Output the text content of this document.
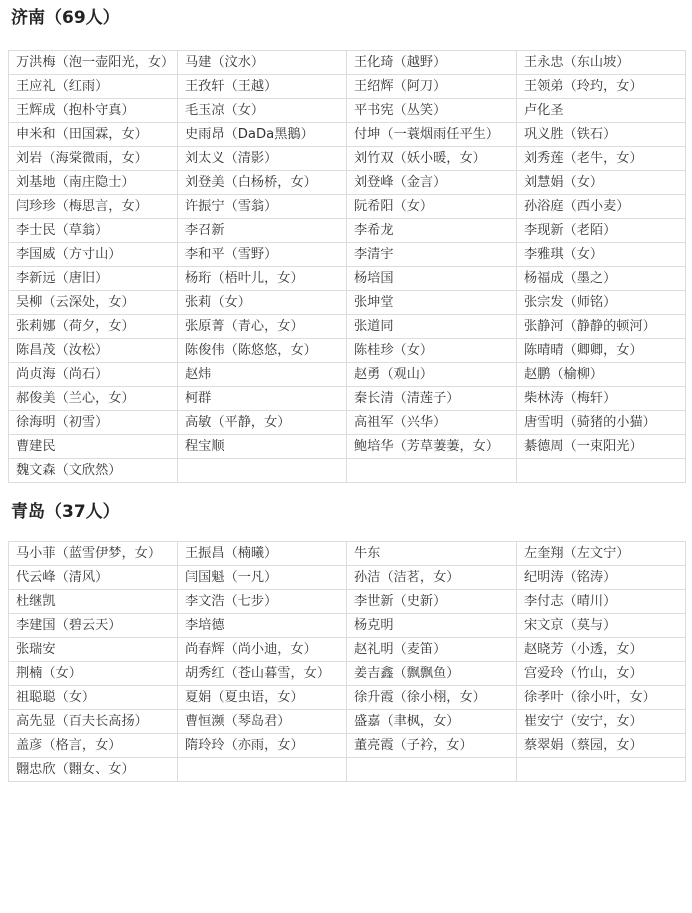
济南（69人）
万洪梅（泡一壶阳光，女）	马建（汶水）	王化琦（越野）	王永忠（东山坡）
王应礼（红雨）	王孜轩（王越）	王绍辉（阿刀）	王领弟（玲玓，女）
王辉成（抱朴守真）	毛玉凉（女）	平书宪（丛笑）	卢化圣
申米和（田国霖，女）	史雨昂（DaDa黑鵝）	付坤（一蓑烟雨任平生）	巩义胜（铁石）
刘岩（海棠微雨，女）	刘太义（清影）	刘竹双（妖小暖，女）	刘秀莲（老牛，女）
刘基地（南庄隐士）	刘登美（白杨桥，女）	刘登峰（金言）	刘慧娟（女）
闫珍珍（梅思言，女）	许振宁（雪翁）	阮希阳（女）	孙浴庭（西小麦）
李士民（草翁）	李召新	李希龙	李现新（老陌）
李国威（方寸山）	李和平（雪野）	李清宇	李雅琪（女）
李新远（唐旧）	杨珩（梧叶儿，女）	杨培国	杨福成（墨之）
吴柳（云深处，女）	张莉（女）	张坤堂	张宗发（师铭）
张莉娜（荷夕，女）	张原菁（青心，女）	张道同	张静河（静静的顿河）
陈昌茂（汝松）	陈俊伟（陈悠悠，女）	陈桂珍（女）	陈晴晴（卿卿，女）
尚贞海（尚石）	赵炜	赵勇（观山）	赵鹏（榆柳）
郝俊美（兰心，女）	柯群	秦长清（清莲子）	柴林涛（梅轩）
徐海明（初雪）	高敏（平静，女）	高祖军（兴华）	唐雪明（骑猪的小猫）
曹建民	程宝顺	鲍培华（芳草萋萋，女）	綦德周（一束阳光）
魏文森（文欣然）			
青岛（37人）
马小菲（蓝雪伊梦，女）	王振昌（楠曦）	牛东	左奎翔（左文宁）
代云峰（清风）	闫国魁（一凡）	孙洁（洁茗，女）	纪明涛（铭涛）
杜继凯	李文浩（七步）	李世新（史新）	李付志（晴川）
李建国（碧云天）	李培德	杨克明	宋文京（莫与）
张瑞安	尚春辉（尚小迪，女）	赵礼明（麦笛）	赵晓芳（小透，女）
荆楠（女）	胡秀红（苍山暮雪，女）	姜吉鑫（飘飘鱼）	宫爱玲（竹山，女）
祖聪聪（女）	夏娟（夏虫语，女）	徐升霞（徐小栩，女）	徐孝叶（徐小叶，女）
高先显（百夫长高扬）	曹恒濒（琴岛君）	盛嘉（聿枫，女）	崔安宁（安宁，女）
盖彦（格言，女）	隋玲玲（亦雨，女）	董亮霞（子衿，女）	蔡翠娟（蔡园，女）
翾忠欣（翾女、女）			
